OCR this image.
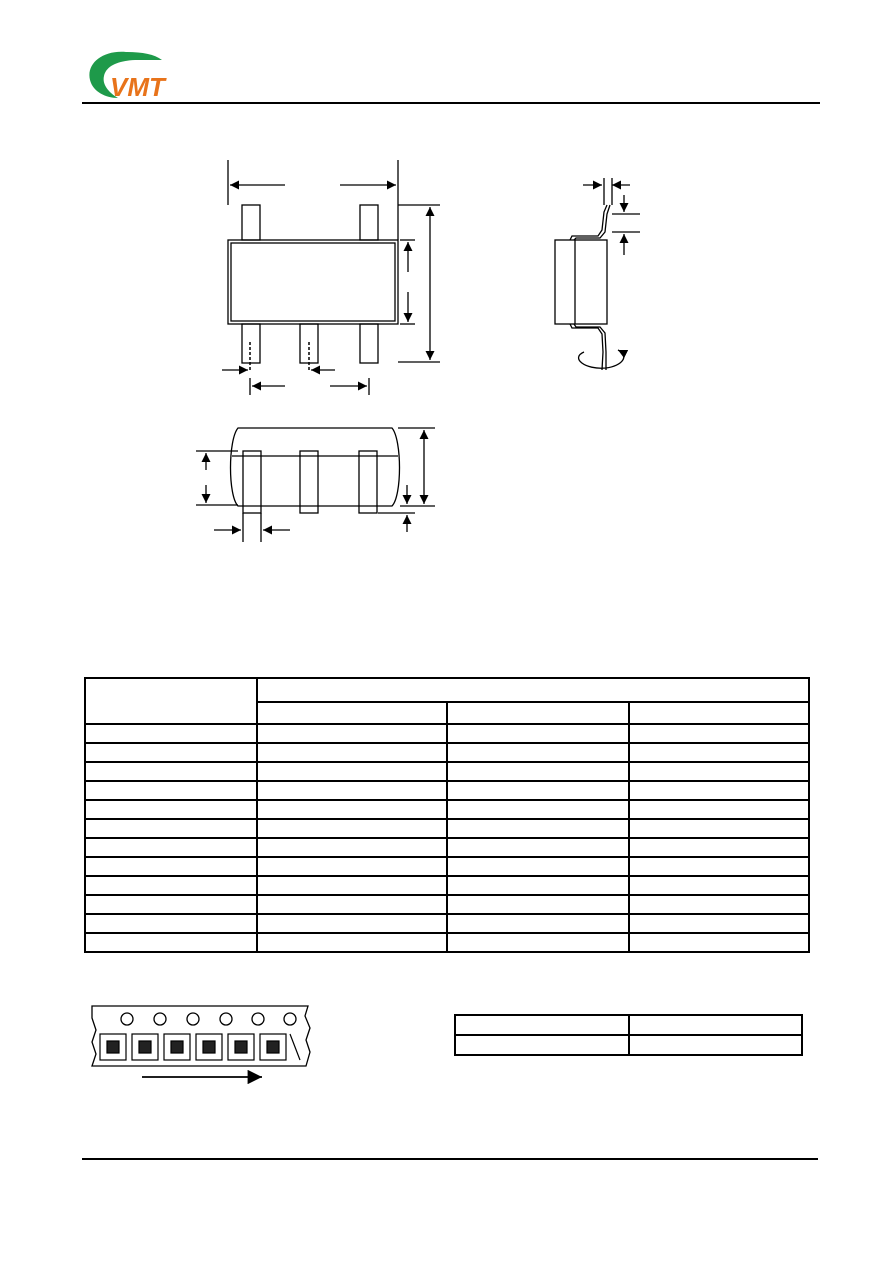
VMT
